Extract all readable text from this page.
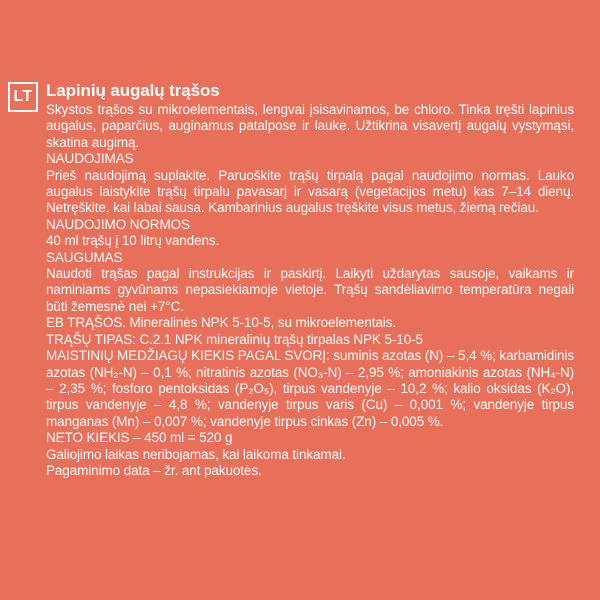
LT Lapinių augalų trąšos

Skystos trąšos su mikroelementais, lengvai įsisavinamos, be chloro. Tinka tręšti lapinius augalus, paparčius, auginamus patalpose ir lauke. Užtikrina visavertį augalų vystymąsi, skatina augimą.

NAUDOJIMAS

Prieš naudojimą suplakite. Paruoškite trąšų tirpalą pagal naudojimo normas. Lauko augalus laistykite trąšų tirpalu pavasarį ir vasarą (vegetacijos metu) kas 7–14 dienų. Netręškite, kai labai sausa. Kambarinius augalus tręškite visus metus, žiemą rečiau.

NAUDOJIMO NORMOS

40 ml trąšų į 10 litrų vandens.

SAUGUMAS

Naudoti trąšas pagal instrukcijas ir paskirtį. Laikyti uždarytas sausoje, vaikams ir naminiams gyvūnams nepasiekiamoje vietoje. Trąšų sandėliavimo temperatūra negali būti žemesnė nei +7°C.

EB TRĄŠOS. Mineralinės NPK 5-10-5, su mikroelementais.

TRĄŠŲ TIPAS: C.2.1 NPK mineralinių trąšų tirpalas NPK 5-10-5

MAISTINIŲ MEDŽIAGŲ KIEKIS PAGAL SVORĮ: suminis azotas (N) – 5,4 %; karbamidinis azotas (NH₂-N) – 0,1 %; nitratinis azotas (NO₃-N) – 2,95 %; amoniakinis azotas (NH₄-N) – 2,35 %; fosforo pentoksidas (P₂O₅), tirpus vandenyje – 10,2 %; kalio oksidas (K₂O), tirpus vandenyje – 4,8 %; vandenyje tirpus varis (Cu) – 0,001 %; vandenyje tirpus manganas (Mn) – 0,007 %; vandenyje tirpus cinkas (Zn) – 0,005 %.

NETO KIEKIS – 450 ml = 520 g

Galiojimo laikas neribojamas, kai laikoma tinkamai.

Pagaminimo data – žr. ant pakuotės.
